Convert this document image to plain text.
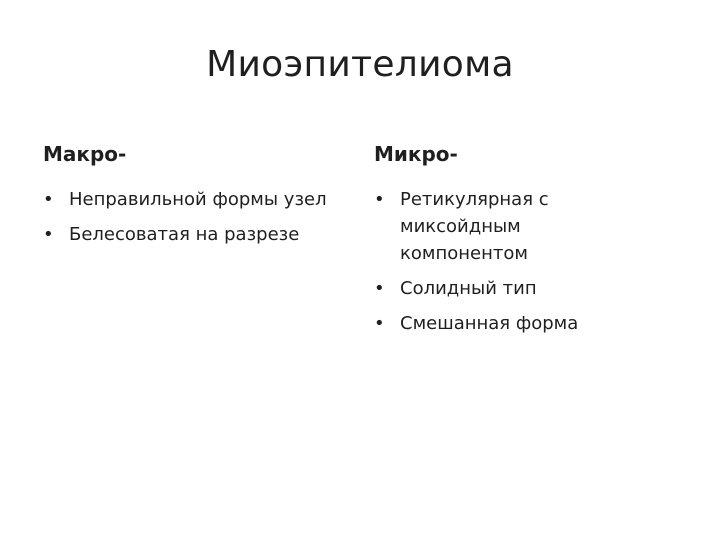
Миоэпителиома
Макро-
• Неправильной формы узел
• Белесоватая на разрезе
Микро-
• Ретикулярная с миксойдным компонентом
• Солидный тип
• Смешанная форма
